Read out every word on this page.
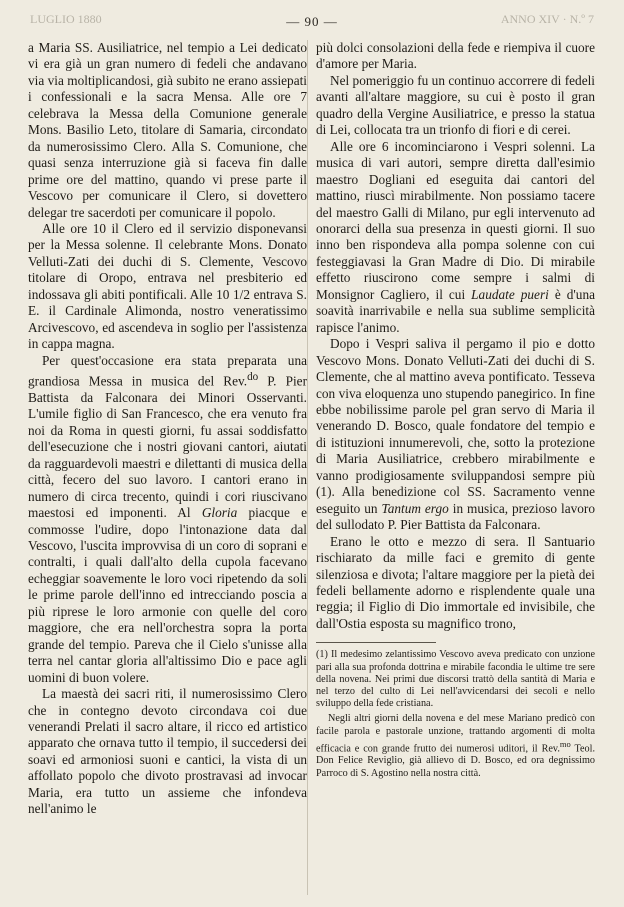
LUGLIO 1880	— 90 —	ANNO XIV · N.º 7

a Maria SS. Ausiliatrice, nel tempio a Lei dedicato vi era già un gran numero di fedeli che andavano via via moltiplicandosi, già subito ne erano assiepati i confessionali e la sacra Mensa. Alle ore 7 celebrava la Messa della Comunione generale Mons. Basilio Leto, titolare di Samaria, circondato da numerosissimo Clero. Alla S. Comunione, che quasi senza interruzione già si faceva fin dalle prime ore del mattino, quando vi prese parte il Vescovo per comunicare il Clero, si dovettero delegar tre sacerdoti per comunicare il popolo.

Alle ore 10 il Clero ed il servizio disponevansi per la Messa solenne. Il celebrante Mons. Donato Velluti-Zati dei duchi di S. Clemente, Vescovo titolare di Oropo, entrava nel presbiterio ed indossava gli abiti pontificali. Alle 10 1/2 entrava S. E. il Cardinale Alimonda, nostro veneratissimo Arcivescovo, ed ascendeva in soglio per l'assistenza in cappa magna.

Per quest'occasione era stata preparata una grandiosa Messa in musica del Rev.$^{do}$ P. Pier Battista da Falconara dei Minori Osservanti. L'umile figlio di San Francesco, che era venuto fra noi da Roma in questi giorni, fu assai soddisfatto dell'esecuzione che i nostri giovani cantori, aiutati da ragguardevoli maestri e dilettanti di musica della città, fecero del suo lavoro. I cantori erano in numero di circa trecento, quindi i cori riuscivano maestosi ed imponenti. Al Gloria piacque e commosse l'udire, dopo l'intonazione data dal Vescovo, l'uscita improvvisa di un coro di soprani e contralti, i quali dall'alto della cupola facevano echeggiar soavemente le loro voci ripetendo da soli le prime parole dell'inno ed intrecciando poscia a più riprese le loro armonie con quelle del coro maggiore, che era nell'orchestra sopra la porta grande del tempio. Pareva che il Cielo s'unisse alla terra nel cantar gloria all'altissimo Dio e pace agli uomini di buon volere.

La maestà dei sacri riti, il numerosissimo Clero che in contegno devoto circondava coi due venerandi Prelati il sacro altare, il ricco ed artistico apparato che ornava tutto il tempio, il succedersi dei soavi ed armoniosi suoni e cantici, la vista di un affollato popolo che divoto prostravasi ad invocar Maria, era tutto un assieme che infondeva nell'animo le

più dolci consolazioni della fede e riempiva il cuore d'amore per Maria.

Nel pomeriggio fu un continuo accorrere di fedeli avanti all'altare maggiore, su cui è posto il gran quadro della Vergine Ausiliatrice, e presso la statua di Lei, collocata tra un trionfo di fiori e di cerei.

Alle ore 6 incominciarono i Vespri solenni. La musica di vari autori, sempre diretta dall'esimio maestro Dogliani ed eseguita dai cantori del mattino, riuscì mirabilmente. Non possiamo tacere del maestro Galli di Milano, pur egli intervenuto ad onorarci della sua presenza in questi giorni. Il suo inno ben rispondeva alla pompa solenne con cui festeggiavasi la Gran Madre di Dio. Di mirabile effetto riuscirono come sempre i salmi di Monsignor Cagliero, il cui Laudate pueri è d'una soavità inarrivabile e nella sua sublime semplicità rapisce l'animo.

Dopo i Vespri saliva il pergamo il pio e dotto Vescovo Mons. Donato Velluti-Zati dei duchi di S. Clemente, che al mattino aveva pontificato. Tesseva con viva eloquenza uno stupendo panegirico. In fine ebbe nobilissime parole pel gran servo di Maria il venerando D. Bosco, quale fondatore del tempio e di istituzioni innumerevoli, che, sotto la protezione di Maria Ausiliatrice, crebbero mirabilmente e vanno prodigiosamente sviluppandosi sempre più (1). Alla benedizione col SS. Sacramento venne eseguito un Tantum ergo in musica, prezioso lavoro del sullodato P. Pier Battista da Falconara.

Erano le otto e mezzo di sera. Il Santuario rischiarato da mille faci e gremito di gente silenziosa e divota; l'altare maggiore per la pietà dei fedeli bellamente adorno e risplendente quale una reggia; il Figlio di Dio immortale ed invisibile, che dall'Ostia esposta su magnifico trono,

(1) Il medesimo zelantissimo Vescovo aveva predicato con unzione pari alla sua profonda dottrina e mirabile facondia le ultime tre sere della novena. Nei primi due discorsi trattò della santità di Maria e nel terzo del culto di Lei nell'avvicendarsi dei secoli e nello sviluppo della fede cristiana.

Negli altri giorni della novena e del mese Mariano predicò con facile parola e pastorale unzione, trattando argomenti di molta efficacia e con grande frutto dei numerosi uditori, il Rev.$^{mo}$ Teol. Don Felice Reviglio, già allievo di D. Bosco, ed ora degnissimo Parroco di S. Agostino nella nostra città.
